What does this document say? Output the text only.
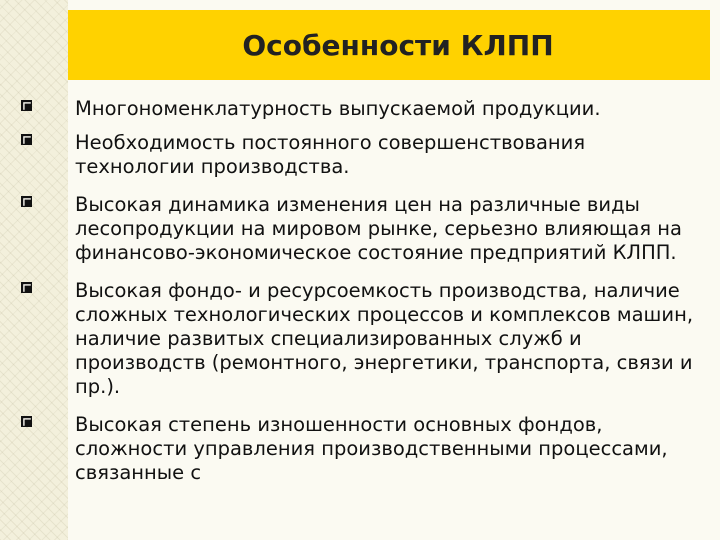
Особенности КЛПП
Многономенклатурность выпускаемой продукции.
Необходимость постоянного совершенствования технологии производства.
Высокая динамика изменения цен на различные виды лесопродукции на мировом рынке, серьезно влияющая на финансово-экономическое состояние предприятий КЛПП.
Высокая фондо- и ресурсоемкость производства, наличие сложных технологических процессов и комплексов машин, наличие развитых специализированных служб и производств (ремонтного, энергетики, транспорта, связи и пр.).
Высокая степень изношенности основных фондов, сложности управления производственными процессами, связанные с
